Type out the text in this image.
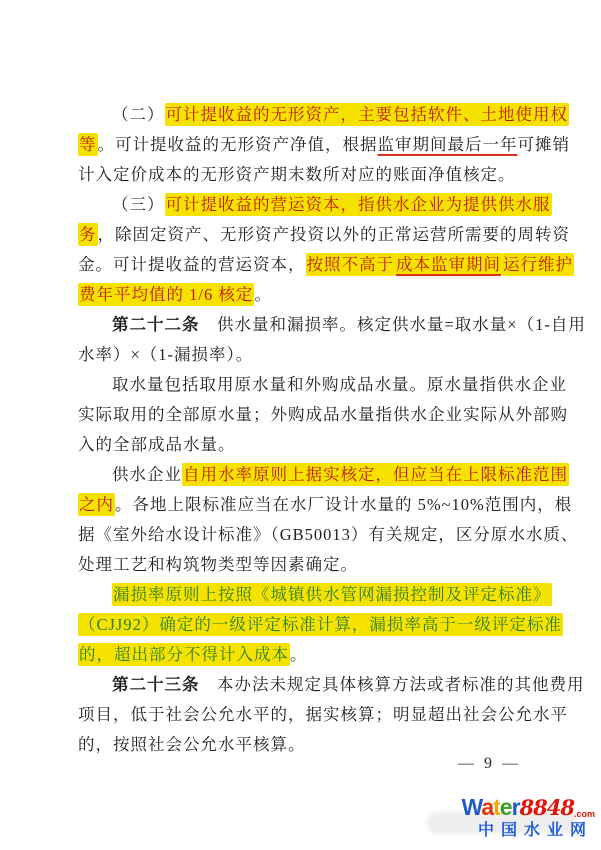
（二）可计提收益的无形资产，主要包括软件、土地使用权
等。可计提收益的无形资产净值，根据监审期间最后一年可摊销
计入定价成本的无形资产期末数所对应的账面净值核定。
（三）可计提收益的营运资本，指供水企业为提供供水服
务，除固定资产、无形资产投资以外的正常运营所需要的周转资
金。可计提收益的营运资本，按照不高于 成本监审期间 运行维护
费年平均值的 1/6 核定。
第二十二条　供水量和漏损率。核定供水量=取水量×（1-自用
水率）×（1-漏损率）。
取水量包括取用原水量和外购成品水量。原水量指供水企业
实际取用的全部原水量；外购成品水量指供水企业实际从外部购
入的全部成品水量。
供水企业自用水率原则上据实核定，但应当在上限标准范围
之内。各地上限标准应当在水厂设计水量的 5%~10%范围内，根
据《室外给水设计标准》（GB50013）有关规定，区分原水水质、
处理工艺和构筑物类型等因素确定。
漏损率原则上按照《城镇供水管网漏损控制及评定标准》
（CJJ92）确定的一级评定标准计算，漏损率高于一级评定标准
的，超出部分不得计入成本。
第二十三条　本办法未规定具体核算方法或者标准的其他费用
项目，低于社会公允水平的，据实核算；明显超出社会公允水平
的，按照社会公允水平核算。
— 9 —
Water8848.com
中国水业网
